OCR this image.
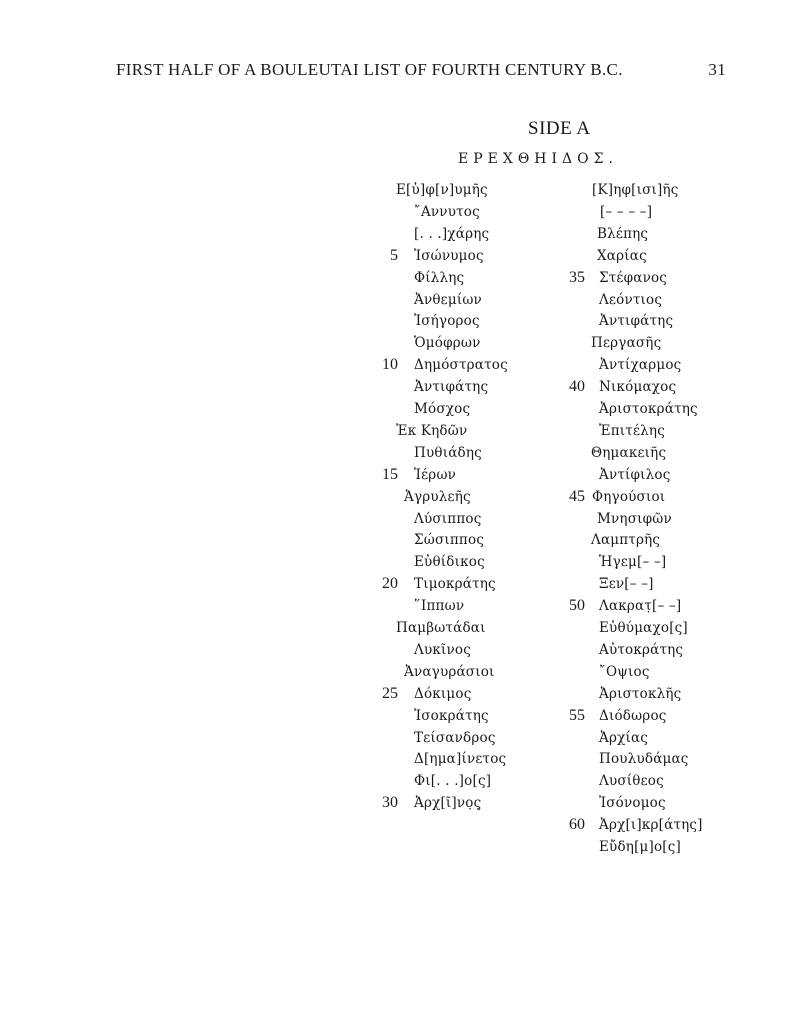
FIRST HALF OF A BOULEUTAI LIST OF FOURTH CENTURY B.C.	31
SIDE A
ΕΡΕΧΘΗΙΔΟΣ.
Ε[ὐ]φ[ν]υμῆς
῎Αννυτος
[. . .]χάρης
5 Ἰσώνυμος
Φίλλης
Ἀνθεμίων
Ἰσήγορος
Ὁμόφρων
10 Δημόστρατος
Ἀντιφάτης
Μόσχος
Ἐκ Κηδῶν
Πυθιάδης
15 Ἱέρων
Ἀγρυλεῆς
Λύσιππος
Σώσιππος
Εὐθίδικος
20 Τιμοκράτης
῞Ιππων
Παμβωτάδαι
Λυκῖνος
Ἀναγυράσιοι
25 Δόκιμος
Ἰσοκράτης
Τείσανδρος
Δ[ημα]ίνετος
Φι[. . .]ο[ς]
30 Ἀρχ[ῖ]νο̣ς̣
[Κ]ηφ[ισι]ῆς
[– – – –]
Βλέπης
Χαρίας
35 Στέφανος
Λεόντιος
Ἀντιφάτης
Περγασῆς
Ἀντίχαρμος
40 Νικόμαχος
Ἀριστοκράτης
Ἐπιτέλης
Θημακειῆς
Ἀντίφιλος
45 Φηγούσιοι
Μνησιφῶν
Λαμπτρῆς
Ἡγεμ[– –]
Ξεν[– –]
50 Λακρατ̣[– –]
Εὐθύμαχο[ς]
Αὐτοκράτης
῎Οψιος
Ἀριστοκλῆς
55 Διόδωρος
Ἀρχίας
Πουλυδάμας
Λυσίθεος
Ἰσόνομος
60 Ἀρχ[ι]κρ[άτης]
Εὔδη[μ]ο[ς]
